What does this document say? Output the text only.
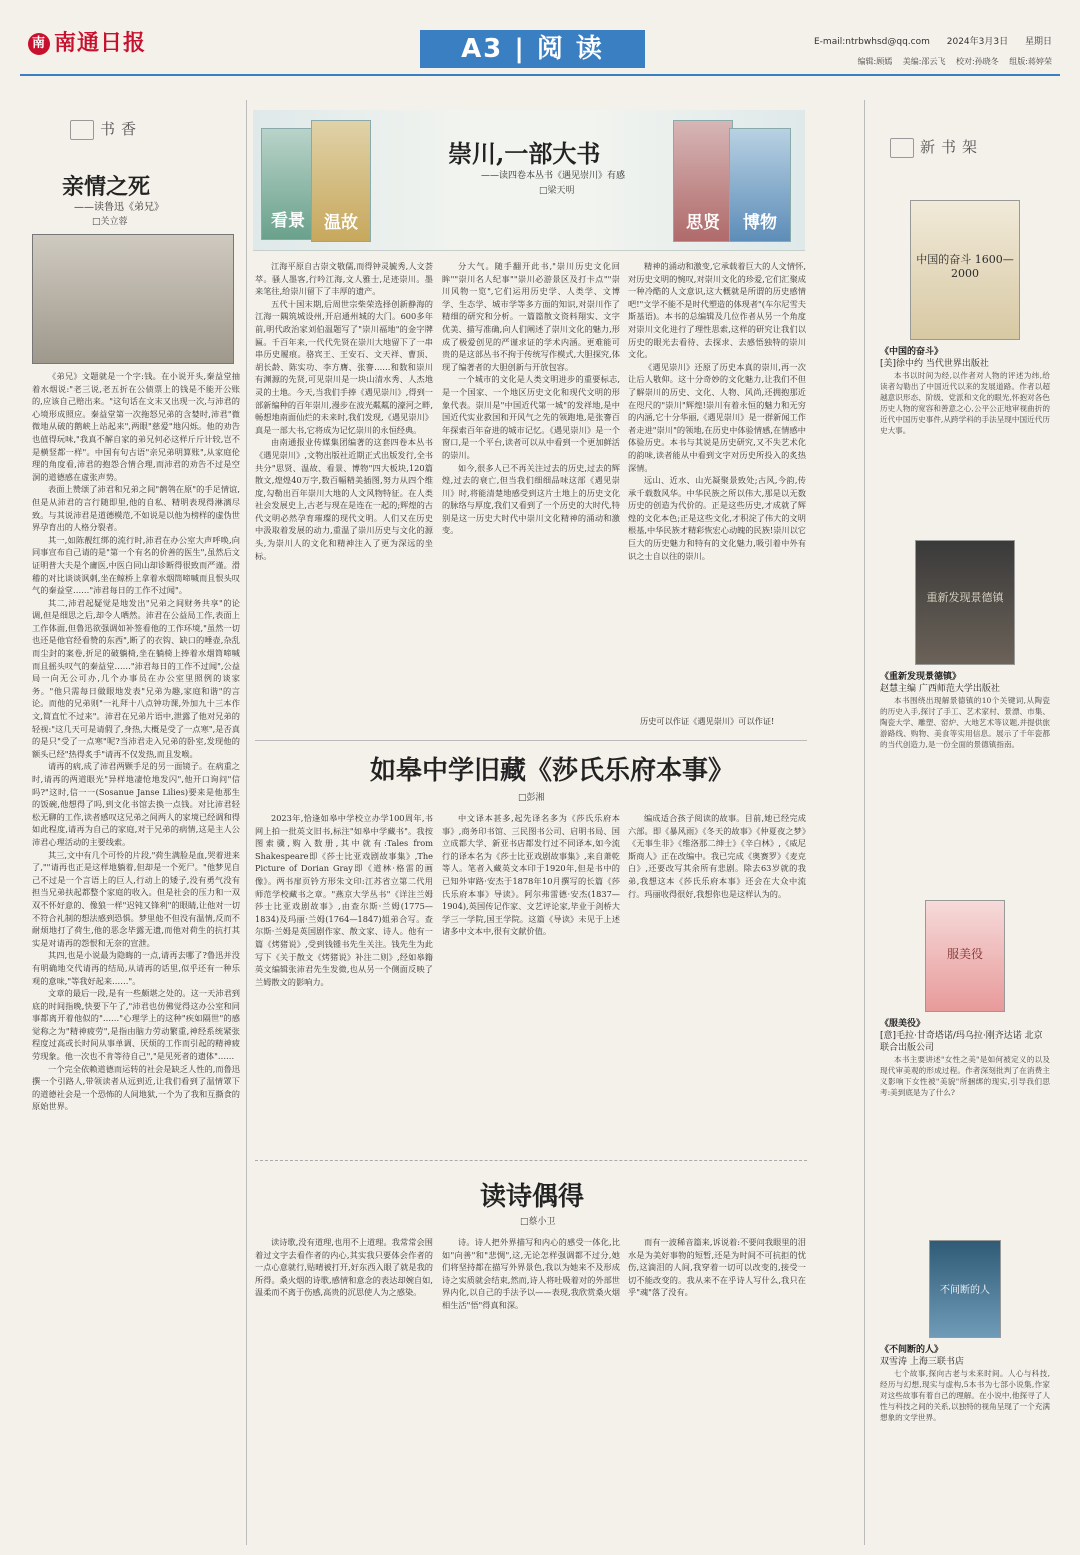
南 南通日报	A3 | 阅 读	E-mail:ntrbwhsd@qq.com 2024年3月3日 星期日
编辑:顾嫣 美编:邵云飞 校对:孙晓冬 组版:蒋婷荣
书香
亲情之死
——读鲁迅《弟兄》
□关立蓉

《弟兄》文题就是一个字:钱。在小说开头,秦益堂抽着水烟说:"老三说,老五折在公债票上的钱是不能开公账的,应该自己赔出来。"这句话在文末又出现一次,与沛君的心境形成照应。秦益堂第一次拖怒兄弟的含婪时,沛君"微微地从破的鹅峡上站起来",两眼"慈爱"地闪烁。他的劝告也值得玩味,"我真不解自家的弟兄何必这样斤斤计较,岂不是横竖都一样"。中国有句古语"亲兄弟明算账",从家庭伦理的角度看,沛君的抱怨合情合理,而沛君的劝告不过是空洞的道德感在虚张声势。

表面上赞颂了沛君和兄弟之间"鹡鸰在原"的手足情谊,但是从沛君的言行随即里,他的自私、精明表现得淋漓尽致。与其说沛君是道德模范,不如说是以他为榜样的虚伪世界孕育出的人格分裂者。

其一,如陈靓红绑的流行时,沛君在办公室大声呼唤,向同事宣布自己请的是"第一个有名的价善的医生",虽然后文证明普大夫是个庸医,中医白同山却诊断得很致而严谨。滑稽的对比谈谈讽刺,坐在鲸桥上拿着水烟筒啼喊而且恨头叹气的秦益堂……"沛君每日的工作不过闻"。

其二,沛君起疑觉是地发出"兄弟之间财务共享"的论调,但是细思之后,却令人哂然。沛君在公益局工作,表面上工作体面,但鲁迅欲强调如补签看他的工作环境,"虽然一切也还是他官经看赞的东西",断了的衣钩、缺口的唾壶,杂乱而尘封的案卷,折足的破躺椅,坐在躺椅上捧着水烟筒啼喊而且摇头叹气的秦益堂……"沛君每日的工作不过闻",公益局一向无公可办,几个办事员在办公室里照例的谈家务。"他只需每日做眼地发表"兄弟为趣,家庭和谐"的言论。而他的兄弟则"一礼拜十八点钟功课,外加九十三本作文,简直忙不过来"。沛君在兄弟片语中,泄露了他对兄弟的轻视:"这几天可是请假了,身热,大概是受了一点寒",是否真的是只"受了一点寒"呢?当沛君走入兄弟的卧室,发现他的额头已经"热得炙手"请再不仅发热,而且发喉。

请再的病,成了沛君两颗手足的另一面镜子。在病重之时,请再的两道眼光"异样地凄怆地发闪",他开口询问"信吗?"这时,信一一(Sosanue Janse Lilies)要来是他那生的饭碗,他想得了吗,到文化书馆去换一点钱。对比沛君轻松无聊的工作,读者感叹这兄弟之间两人的家境已经调和得如此程度,请再为自己的家庭,对于兄弟的病情,这是主人公沛君心理活动的主要线索。

其三,文中有几个可怜的片段,"荷生满脸是血,哭着进来了,""请再也正是这样地躺着,但却是一个死尸。"他梦见自己不过是一个言语上的巨人,行动上的矮子,没有勇气没有担当兄弟扶起都整个家庭的收入。但是社会的压力和一双双不怀好意的、像狼一样"迟钝又锋利"的眼睛,让他对一切不符合礼制的想法感到恐惧。梦里他不但没有温情,反而不耐烦地打了荷生,他的恶念毕露无遗,而他对荷生的抗打其实是对请再的怨恨和无奈的宣泄。

其四,也是小说最为隐晦的一点,请再去哪了?鲁迅并没有明确地交代请再的结局,从请再的话里,似乎还有一种乐观的意味,"等我好起来……"。

文章的最后一段,是有一些颇堪之处的。这一天沛君到底的时间指晚,快要下午了,"沛君也仿佛觉得这办公室和同事都离开着他似的"……"心理学上的这种"疾如隔世"的感觉称之为"精神疲劳",是指由脑力劳动繁重,神经系统紧张程度过高或长时间从事单调、厌烦的工作而引起的精神疲劳现象。他一次也不肯等待自己","是见死者的遗体"……

一个完全依赖道德而运转的社会是缺乏人性的,而鲁迅撰一个引路人,带领读者从远到近,让我们看到了温情罩下的道德社会是一个恐怖的人间地狱,一个为了我和互撕食的原始世界。

看景	温故	思贤	博物
崇川,一部大书
——读四卷本丛书《遇见崇川》有感
□梁天明

江海平原自古崇文敬儒,而得钟灵毓秀,人文荟萃。骚人墨客,行吟江海,文人雅士,足迹崇川。墨来笔往,给崇川留下了丰厚的遗产。

五代十国末期,后周世宗柴荣选择创新静海的江海一隅筑城设州,开启通州城的大门。600多年前,明代政治家刘伯温题写了"崇川福地"的金字牌匾。千百年来,一代代先贤在崇川大地留下了一串串历史履痕。骆宾王、王安石、文天祥、曹顶、胡长龄、陈实功、李方膺、张謇……和数和崇川有渊源的先贤,可见崇川是一块山清水秀、人杰地灵的土地。今天,当我们手捧《遇见崇川》,得到一部新编种的百年崇川,漫步在波光粼粼的濠河之畔,畅想地南面仙烂的未来时,我们发现,《遇见崇川》真是一部大书,它将成为记忆崇川的永恒经典。

由南通报业传媒集团编著的这套四卷本丛书《遇见崇川》,文物出版社近期正式出版发行,全书共分"思贤、温故、看景、博物"四大板块,120篇散文,煌煌40万字,数百幅精美插图,努力从四个维度,勾勒出百年崇川大地的人文风物特征。在人类社会发展史上,古老与现在是连在一起的;辉煌的古代文明必然孕育璀璨的现代文明。人们又在历史中汲取着发展的动力,重温了崇川历史与文化的源头,为崇川人的文化和精神注入了更为深远的坐标。

分大气。随手翻开此书,"崇川历史文化回眸""崇川名人纪事""崇川必游景区及打卡点""崇川风物一览",它们运用历史学、人类学、文博学、生态学、城市学等多方面的知识,对崇川作了精细的研究和分析。一篇篇散文资料翔实、文字优美、描写准确,向人们阐述了崇川文化的魅力,形成了极爱创见的严谨求证的学术内涵。更难能可贵的是这部丛书不拘于传统写作模式,大胆探究,体现了编著者的大胆创新与开放包容。

一个城市的文化是人类文明进步的重要标志,是一个国家、一个地区历史文化和现代文明的形象代表。崇川是"中国近代第一城"的发祥地,是中国近代实业救国和开风气之先的领跑地,是张謇百年探索百年奋进的城市记忆。《遇见崇川》是一个窗口,是一个平台,读者可以从中看到一个更加鲜活的崇川。

如今,很多人已不再关注过去的历史,过去的辉煌,过去的衰亡,但当我们细细品味这部《遇见崇川》时,将能清楚地感受到这片土地上的历史文化的脉络与厚度,我们又看到了一个历史的大时代,特别是这一历史大时代中崇川文化精神的涌动和激变。

精神的涌动和激变,它承载着巨大的人文情怀,对历史文明的惋叹,对崇川文化的珍爱,它们汇聚成一种冷酷的人文意识,这大概就是所谓的历史感情吧!"文学不能不是时代塑造的体现者"(车尔尼雪夫斯基语)。本书的总编辑及几位作者从另一个角度对崇川文化进行了理性思索,这样的研究让我们以历史的眼光去看待、去探求、去感悟独特的崇川文化。

《遇见崇川》还原了历史本真的崇川,再一次让后人敬仰。这十分奇妙的文化魅力,让我们不但了解崇川的历史、文化、人物、风尚,还拥抱那近在咫尺的"崇川"辉煌!崇川有着永恒的魅力和无穷的内涵,它十分华丽,《遇见崇川》是一群新闻工作者走进"崇川"的领地,在历史中体验情感,在情感中体验历史。本书与其说是历史研究,又不失艺术化的韵味,读者能从中看到文字对历史所投入的炙热深情。

远山、近水、山光凝聚景致处;古风,今韵,传承千载数风华。中华民族之所以伟大,那是以无数历史的创造为代价的。正是这些历史,才成就了辉煌的文化本色;正是这些文化,才积淀了伟大的文明根基,中华民族才精彩恢宏心动魄的民族!崇川以它巨大的历史魅力和特有的文化魅力,吸引着中外有识之士自以往的崇川。

历史可以作证《遇见崇川》可以作证!
如皋中学旧藏《莎氏乐府本事》
□彭湘

2023年,恰逢如皋中学校立办学100周年,书网上拍一批英文旧书,标注"如皋中学藏书"。我按图索骥,购入数册,其中就有:Tales from Shakespeare即《莎士比亚戏剧故事集》,The Picture of Dorian Gray即《道林·格雷的画像》。两书扉页钤方形朱文印:江苏省立第二代用师范学校藏书之章。"燕京大学丛书"《详注兰姆莎士比亚戏剧故事》,由查尔斯·兰姆(1775—1834)及玛丽·兰姆(1764—1847)姐弟合写。查尔斯·兰姆是英国剧作家、散文家、诗人。他有一篇《烤猪说》,受到钱锺书先生关注。钱先生为此写下《关于散文《烤猪说》补注二则》,经如皋籍英文编辑张沛君先生发微,也从另一个侧面反映了兰姆散文的影响力。

中文译本甚多,起先译名多为《莎氏乐府本事》,商务印书馆、三民图书公司、启明书局、国立成都大学、新亚书店都发行过不同译本,如今流行的译本名为《莎士比亚戏剧故事集》,来自萧乾等人。笔者入藏英文本印于1920年,但是书中的已知外审路·安杰于1878年10月撰写的长篇《莎氏乐府本事》导读》。阿尔弗雷德·安杰(1837—1904),英国传记作家、文艺评论家,毕业于剑桥大学三一学院,国王学院。这篇《导读》未见于上述诸多中文本中,很有文献价值。

编成适合孩子阅读的故事。目前,她已经完成六部。即《暴风雨》《冬天的故事》《仲夏夜之梦》《无事生非》《维洛那二绅士》《辛白林》,《威尼斯商人》正在改编中。我已完成《奥赛罗》《麦克白》,还要改写其余所有悲剧。除去63岁就的我弟,我想这本《莎氏乐府本事》还会在大众中流行。玛丽收得很好,我想你也是这样认为的。

读诗偶得
□蔡小卫

读诗歌,没有道理,也用不上道理。我常常会围着过文字去看作者的内心,其实我只要体会作者的一点心意就行,贴晴被打开,好东西入眼了就是我的所得。桑火烟的诗歌,感情和意念的表达却婉自如,温柔而不离于伤感,高贵的沉思使人为之感染。

诗。诗人把外界描写和内心的感受一体化,比如"向善"和"悲惆",这,无论怎样强调都不过分,她们将坚持都在描写外界景色,我以为她来不及形成诗之实质就会结束,然而,诗人将吐吸着对的外部世界内化,以自己的手法予以——表现,我欣赏桑火烟相生活"悟"得真和深。

而有一波稀音篇来,诉说着:不要问我眼里的泪水是为美好事物的短暂,还是为时间不可抗拒的忧伤,这滴泪的人间,我穿着一切可以改变的,接受一切不能改变的。我从来不在乎诗人写什么,我只在乎"魂"落了没有。

新书架
中国的奋斗 1600—2000
《中国的奋斗》
[美]徐中约 当代世界出版社
本书以时间为经,以作者对人物的评述为纬,给读者勾勒出了中国近代以来的发展道路。作者以超越意识形态、阶级、党派和文化的眼光,怀抱对各色历史人物的宽容和善意之心,公平公正地审视曲折的近代中国历史事件,从跨学科的手法呈现中国近代历史大事。
重新发现景德镇
《重新发现景德镇》
赵慧主编 广西师范大学出版社
本书围绕出现解景德镇的10个关键词,从陶瓷的历史入手,探讨了手工、艺术家村、景漂、市集、陶瓷大学、雕塑、窑炉、大地艺术等议题,并提供旅游路线、购物、美食等实用信息。展示了千年瓷都的当代创造力,是一份全面的景德镇指南。
服美役
《服美役》
[意]毛拉·甘奇塔诺/玛乌拉·刚齐达诺 北京联合出版公司
本书主要讲述"女性之美"是如何被定义的以及现代审美观的形成过程。作者深刻批判了在消费主义影响下女性被"美貌"所捆绑的现实,引导我们思考:美到底是为了什么?
不间断的人
《不间断的人》
双雪涛 上海三联书店
七个故事,探向古老与未来时间。人心与科技,经历与幻想,现实与虚构,5本书为七部小说集,作家对这些故事有着自己的理解。在小说中,他探寻了人性与科技之间的关系,以独特的视角呈现了一个充满想象的文学世界。
